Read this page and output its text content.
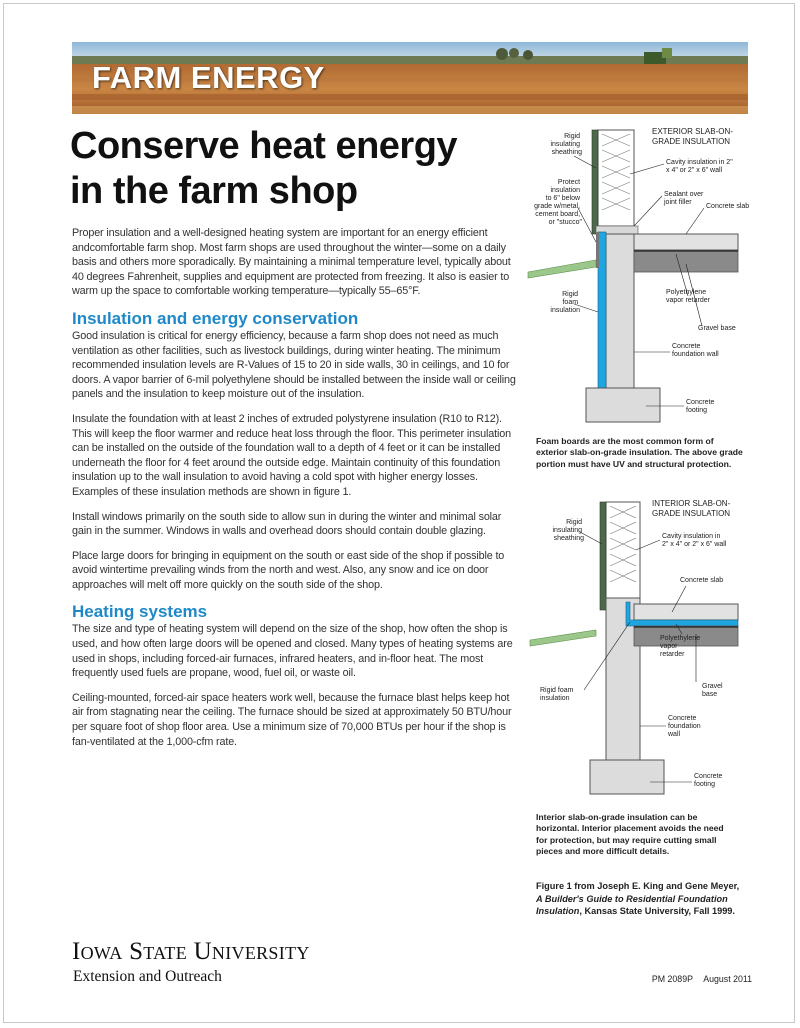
FARM ENERGY
Conserve heat energy
in the farm shop

Proper insulation and a well-designed heating system are important for an energy efficient andcomfortable farm shop. Most farm shops are used throughout the winter—some on a daily basis and others more sporadically. By maintaining a minimal temperature level, typically about 40 degrees Fahrenheit, supplies and equipment are protected from freezing. It also is easier to warm up the space to comfortable working temperature—typically 55–65°F.

Insulation and energy conservation

Good insulation is critical for energy efficiency, because a farm shop does not need as much ventilation as other facilities, such as livestock buildings, during winter heating. The minimum recommended insulation levels are R-Values of 15 to 20 in side walls, 30 in ceilings, and 10 for doors. A vapor barrier of 6-mil polyethylene should be installed between the inside wall or ceiling panels and the insulation to keep moisture out of the insulation.

Insulate the foundation with at least 2 inches of extruded polystyrene insulation (R10 to R12). This will keep the floor warmer and reduce heat loss through the floor. This perimeter insulation can be installed on the outside of the foundation wall to a depth of 4 feet or it can be installed underneath the floor for 4 feet around the outside edge. Maintain continuity of this foundation insulation up to the wall insulation to avoid having a cold spot with higher energy losses. Examples of these insulation methods are shown in figure 1.

Install windows primarily on the south side to allow sun in during the winter and minimal solar gain in the summer. Windows in walls and overhead doors should contain double glazing.

Place large doors for bringing in equipment on the south or east side of the shop if possible to avoid wintertime prevailing winds from the north and west. Also, any snow and ice on door approaches will melt off more quickly on the south side of the shop.

Heating systems

The size and type of heating system will depend on the size of the shop, how often the shop is used, and how often large doors will be opened and closed. Many types of heating systems are used in shops, including forced-air furnaces, infrared heaters, and in-floor heat. The most frequently used fuels are propane, wood, fuel oil, or waste oil.

Ceiling-mounted, forced-air space heaters work well, because the furnace blast helps keep hot air from stagnating near the ceiling. The furnace should be sized at approximately 50 BTU/hour per square foot of shop floor area. Use a minimum size of 70,000 BTUs per hour if the shop is fan-ventilated at the 1,000-cfm rate.

EXTERIOR SLAB-ON- GRADE INSULATION
Rigid insulating sheathing
Protect insulation to 6" below grade w/metal, cement board, or "stucco"
Cavity insulation in 2" x 4" or 2" x 6" wall
Sealant over joint filler
Concrete slab
Rigid foam insulation
Polyethylene vapor retarder
Gravel base
Concrete foundation wall
Concrete footing
Foam boards are the most common form of
exterior slab-on-grade insulation. The above grade
portion must have UV and structural protection.
INTERIOR SLAB-ON- GRADE INSULATION
Rigid insulating sheathing	Cavity insulation in 2" x 4" or 2" x 6" wall
Concrete slab
Polyethylene vapor retarder
Gravel base
Rigid foam insulation
Concrete foundation wall
Concrete footing
Interior slab-on-grade insulation can be
horizontal. Interior placement avoids the need
for protection, but may require cutting small
pieces and more difficult details.
Figure 1 from Joseph E. King and Gene Meyer, A Builder's Guide to Residential Foundation Insulation, Kansas State University, Fall 1999.
Iowa State University
Extension and Outreach	PM 2089P August 2011
